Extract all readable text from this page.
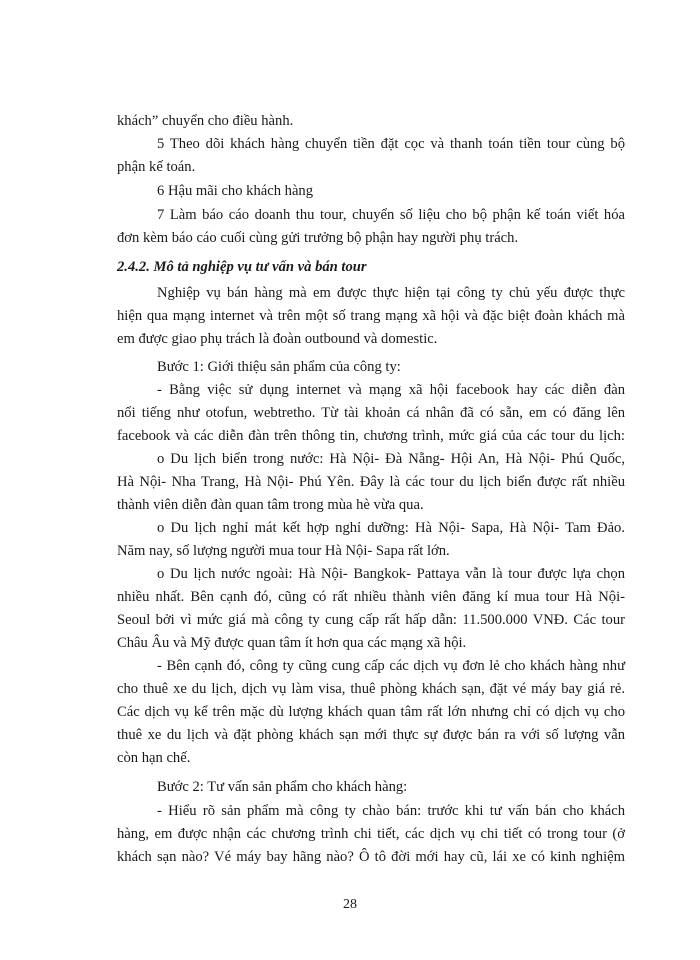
khách” chuyển cho điều hành.
5 Theo dõi khách hàng chuyển tiền đặt cọc và thanh toán tiền tour cùng bộ
phận kế toán.
6 Hậu mãi cho khách hàng
7 Làm báo cáo doanh thu tour, chuyển số liệu cho bộ phận kế toán viết hóa
đơn kèm báo cáo cuối cùng gửi trưởng bộ phận hay người phụ trách.
2.4.2. Mô tả nghiệp vụ tư vấn và bán tour
Nghiệp vụ bán hàng mà em được thực hiện tại công ty chủ yếu được thực
hiện qua mạng internet và trên một số trang mạng xã hội và đặc biệt đoàn khách mà
em được giao phụ trách là đoàn outbound và domestic.
Bước 1: Giới thiệu sản phẩm của công ty:
- Bằng việc sử dụng internet và mạng xã hội facebook hay các diễn đàn
nổi tiếng như otofun, webtretho. Từ tài khoản cá nhân đã có sẵn, em có đăng lên
facebook và các diễn đàn trên thông tin, chương trình, mức giá của các tour du lịch:
o Du lịch biển trong nước: Hà Nội- Đà Nẵng- Hội An, Hà Nội- Phú Quốc,
Hà Nội- Nha Trang, Hà Nội- Phú Yên. Đây là các tour du lịch biển được rất nhiều
thành viên diễn đàn quan tâm trong mùa hè vừa qua.
o Du lịch nghỉ mát kết hợp nghỉ dưỡng: Hà Nội- Sapa, Hà Nội- Tam Đảo.
Năm nay, số lượng người mua tour Hà Nội- Sapa rất lớn.
o Du lịch nước ngoài: Hà Nội- Bangkok- Pattaya vẫn là tour được lựa chọn
nhiều nhất. Bên cạnh đó, cũng có rất nhiều thành viên đăng kí mua tour Hà Nội-
Seoul bởi vì mức giá mà công ty cung cấp rất hấp dẫn: 11.500.000 VNĐ. Các tour
Châu Âu và Mỹ được quan tâm ít hơn qua các mạng xã hội.
- Bên cạnh đó, công ty cũng cung cấp các dịch vụ đơn lẻ cho khách hàng như
cho thuê xe du lịch, dịch vụ làm visa, thuê phòng khách sạn, đặt vé máy bay giá rẻ.
Các dịch vụ kể trên mặc dù lượng khách quan tâm rất lớn nhưng chỉ có dịch vụ cho
thuê xe du lịch và đặt phòng khách sạn mới thực sự được bán ra với số lượng vẫn
còn hạn chế.
Bước 2: Tư vấn sản phẩm cho khách hàng:
- Hiểu rõ sản phẩm mà công ty chào bán: trước khi tư vấn bán cho khách
hàng, em được nhận các chương trình chi tiết, các dịch vụ chi tiết có trong tour (ở
khách sạn nào? Vé máy bay hãng nào? Ô tô đời mới hay cũ, lái xe có kinh nghiệm
28
